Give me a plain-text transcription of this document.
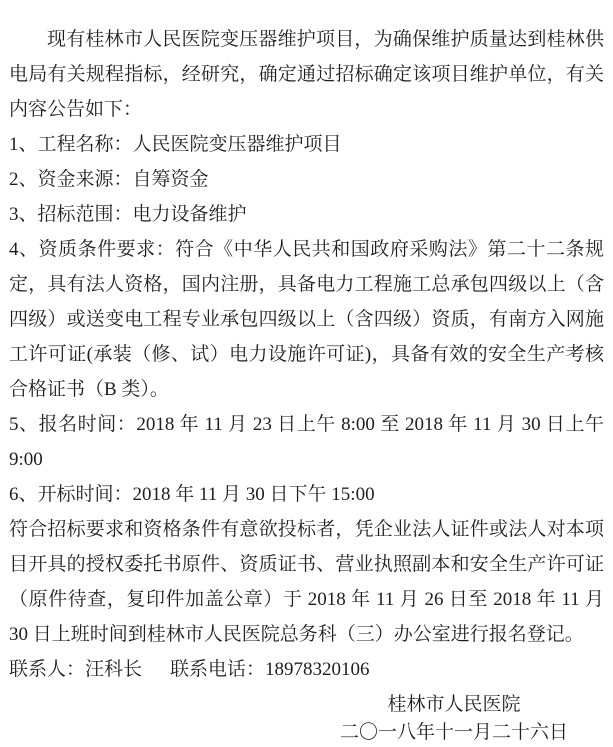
现有桂林市人民医院变压器维护项目，为确保维护质量达到桂林供电局有关规程指标，经研究，确定通过招标确定该项目维护单位，有关内容公告如下：

1、工程名称：人民医院变压器维护项目

2、资金来源：自筹资金

3、招标范围：电力设备维护

4、资质条件要求：符合《中华人民共和国政府采购法》第二十二条规定，具有法人资格，国内注册，具备电力工程施工总承包四级以上（含四级）或送变电工程专业承包四级以上（含四级）资质，有南方入网施工许可证(承装（修、试）电力设施许可证)，具备有效的安全生产考核合格证书（B 类）。

5、报名时间：2018 年 11 月 23 日上午 8:00 至 2018 年 11 月 30 日上午 9:00

6、开标时间：2018 年 11 月 30 日下午 15:00

符合招标要求和资格条件有意欲投标者，凭企业法人证件或法人对本项目开具的授权委托书原件、资质证书、营业执照副本和安全生产许可证（原件待查，复印件加盖公章）于 2018 年 11 月 26 日至 2018 年 11 月 30 日上班时间到桂林市人民医院总务科（三）办公室进行报名登记。

联系人：汪科长 联系电话：18978320106

桂林市人民医院
二〇一八年十一月二十六日
